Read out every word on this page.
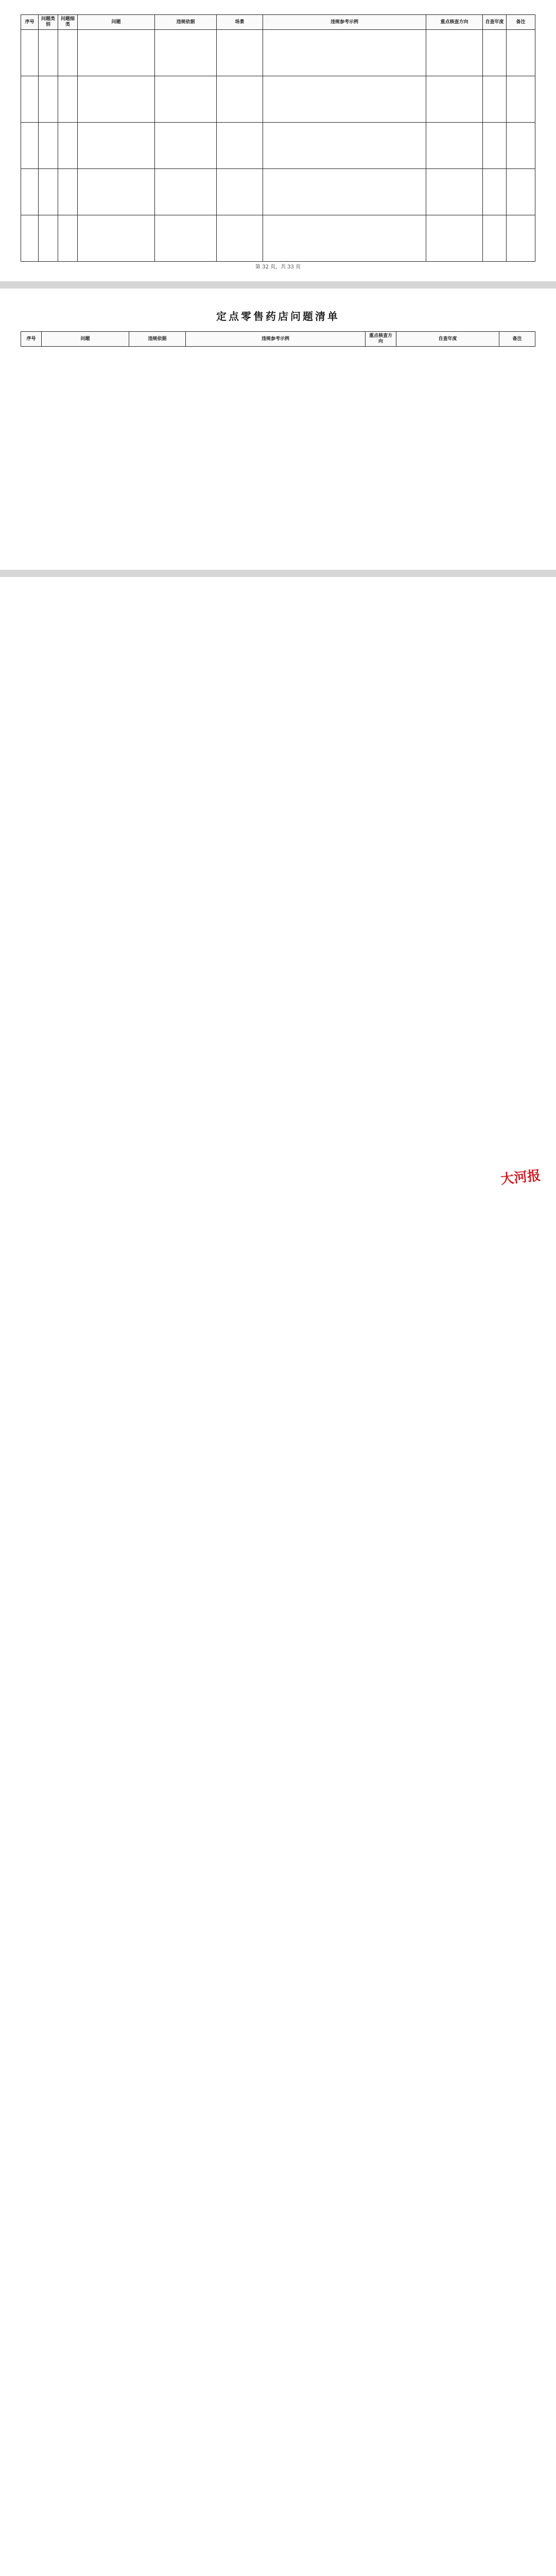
序号	问题类别	问题细类	问题	违规依据	场景	违规参考示例	重点核查方向	自查年度	备注

第 32 页，共 33 页
定点零售药店问题清单
序号	问题	违规依据	违规参考示例	重点核查方向	自查年度	备注
大河报
